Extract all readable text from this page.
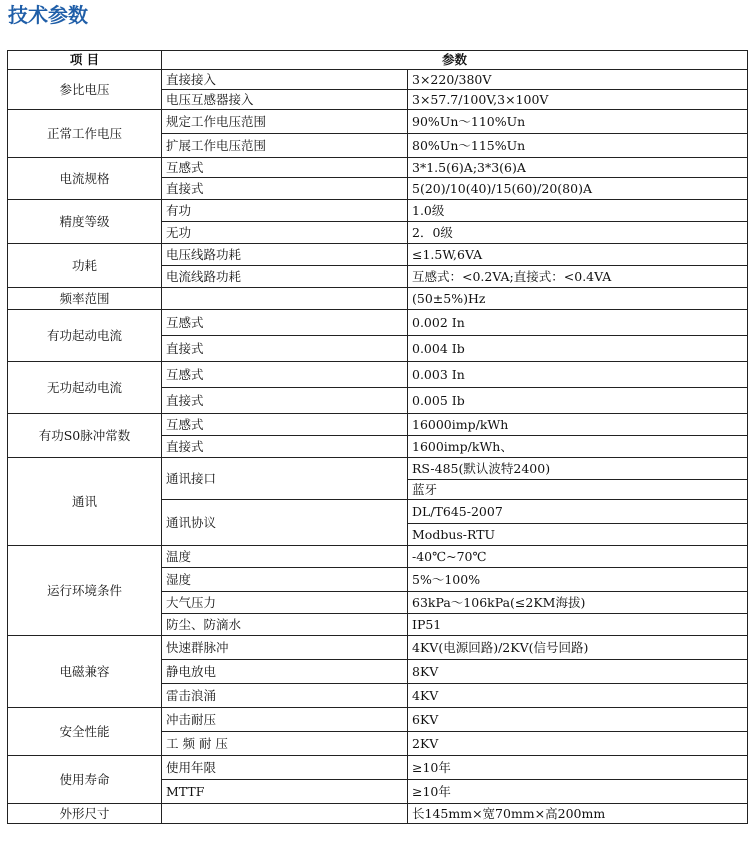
技术参数
项 目	参数	
参比电压	直接接入	3×220/380V
	电压互感器接入	3×57.7/100V,3×100V
正常工作电压	规定工作电压范围	90%Un～110%Un
	扩展工作电压范围	80%Un～115%Un
电流规格	互感式	3*1.5(6)A;3*3(6)A
	直接式	5(20)/10(40)/15(60)/20(80)A
精度等级	有功	1.0级
	无功	2．0级
功耗	电压线路功耗	≤1.5W,6VA
	电流线路功耗	互感式：<0.2VA;直接式：<0.4VA
频率范围		(50±5%)Hz
有功起动电流	互感式	0.002 In
	直接式	0.004 Ib
无功起动电流	互感式	0.003 In
	直接式	0.005 Ib
有功S0脉冲常数	互感式	16000imp/kWh
	直接式	1600imp/kWh、
通讯	通讯接口	RS-485(默认波特2400)
		蓝牙
	通讯协议	DL/T645-2007
		Modbus-RTU
运行环境条件	温度	-40℃~70℃
	湿度	5%～100%
	大气压力	63kPa～106kPa(≤2KM海拔)
	防尘、防滴水	IP51
电磁兼容	快速群脉冲	4KV(电源回路)/2KV(信号回路)
	静电放电	8KV
	雷击浪涌	4KV
安全性能	冲击耐压	6KV
	工 频 耐 压	2KV
使用寿命	使用年限	≥10年
	MTTF	≥10年
外形尺寸		长145mm×宽70mm×高200mm
